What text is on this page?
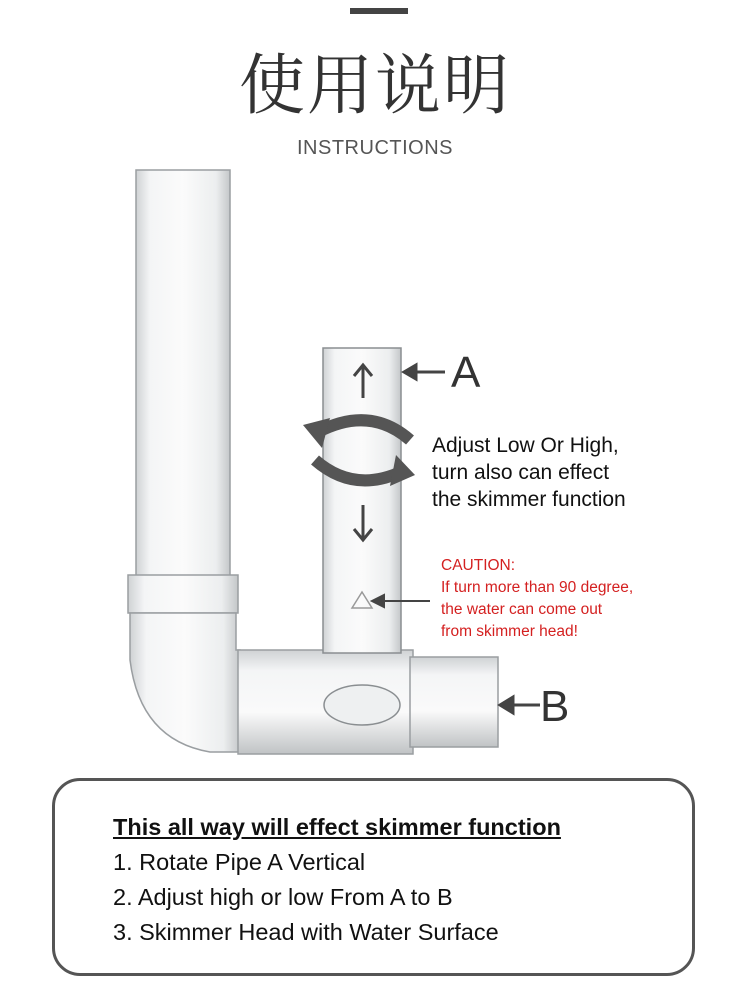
使用说明
INSTRUCTIONS
A
B
Adjust Low Or High,
turn also can effect
the skimmer function
CAUTION:
If turn more than 90 degree,
the water can come out
from skimmer head!
This all way will effect skimmer function
1. Rotate Pipe A Vertical
2. Adjust high or low From A to B
3. Skimmer Head with Water Surface
